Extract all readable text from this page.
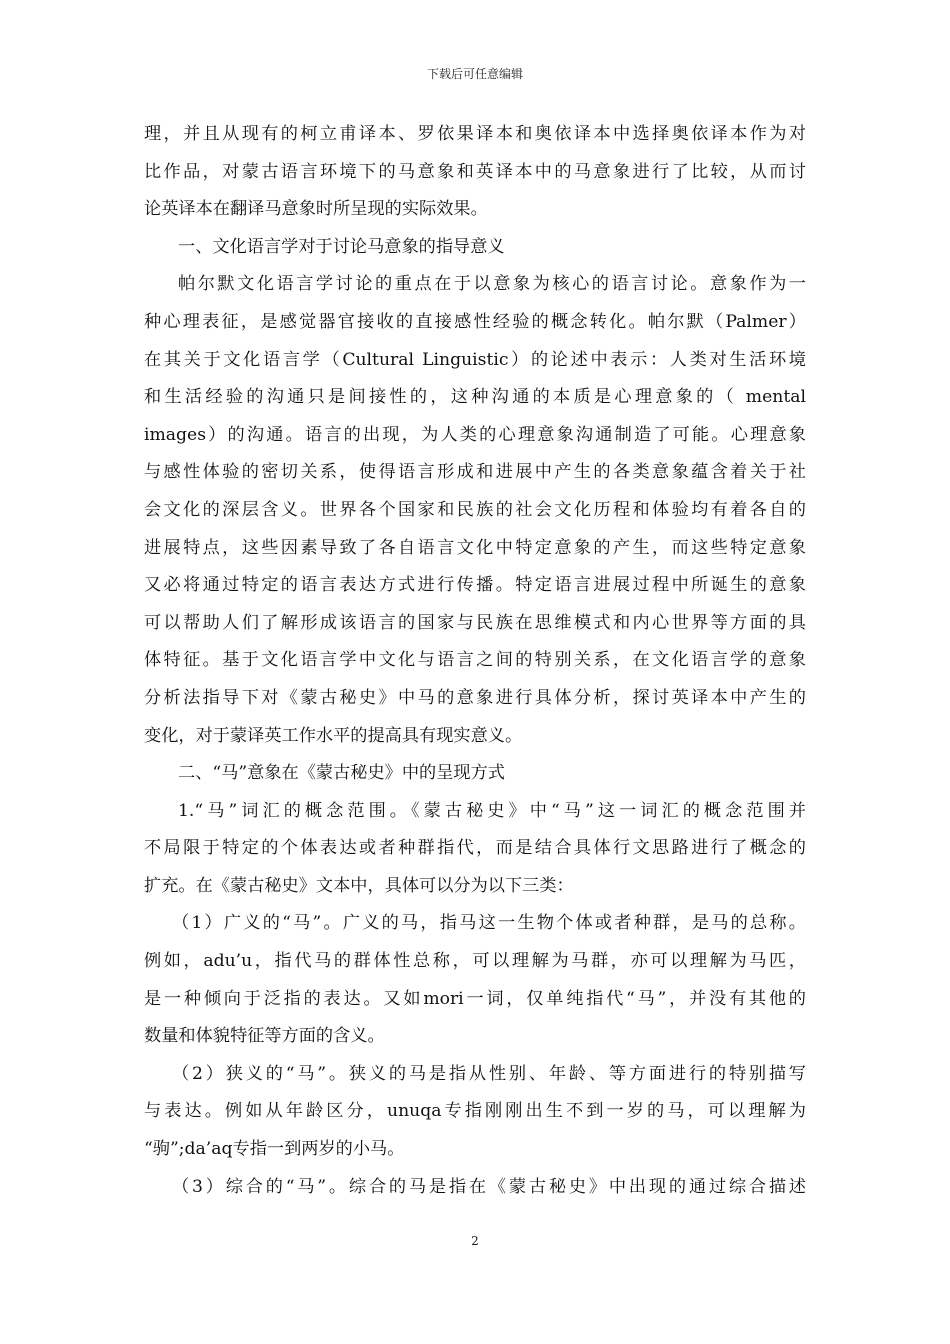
下载后可任意编辑
理，并且从现有的柯立甫译本、罗依果译本和奥依译本中选择奥依译本作为对
比作品，对蒙古语言环境下的马意象和英译本中的马意象进行了比较，从而讨
论英译本在翻译马意象时所呈现的实际效果。
一、文化语言学对于讨论马意象的指导意义
帕尔默文化语言学讨论的重点在于以意象为核心的语言讨论。意象作为一
种心理表征，是感觉器官接收的直接感性经验的概念转化。帕尔默（Palmer）
在其关于文化语言学（Cultural Linguistic）的论述中表示：人类对生活环境
和生活经验的沟通只是间接性的，这种沟通的本质是心理意象的（ mental
images）的沟通。语言的出现，为人类的心理意象沟通制造了可能。心理意象
与感性体验的密切关系，使得语言形成和进展中产生的各类意象蕴含着关于社
会文化的深层含义。世界各个国家和民族的社会文化历程和体验均有着各自的
进展特点，这些因素导致了各自语言文化中特定意象的产生，而这些特定意象
又必将通过特定的语言表达方式进行传播。特定语言进展过程中所诞生的意象
可以帮助人们了解形成该语言的国家与民族在思维模式和内心世界等方面的具
体特征。基于文化语言学中文化与语言之间的特别关系，在文化语言学的意象
分析法指导下对《蒙古秘史》中马的意象进行具体分析，探讨英译本中产生的
变化，对于蒙译英工作水平的提高具有现实意义。
二、“马”意象在《蒙古秘史》中的呈现方式
1.“马”词汇的概念范围。《蒙古秘史》中“马”这一词汇的概念范围并
不局限于特定的个体表达或者种群指代，而是结合具体行文思路进行了概念的
扩充。在《蒙古秘史》文本中，具体可以分为以下三类：
（1）广义的“马”。广义的马，指马这一生物个体或者种群，是马的总称。
例如，adu’u，指代马的群体性总称，可以理解为马群，亦可以理解为马匹，
是一种倾向于泛指的表达。又如mori一词，仅单纯指代“马”，并没有其他的
数量和体貌特征等方面的含义。
（2）狭义的“马”。狭义的马是指从性别、年龄、等方面进行的特别描写
与表达。例如从年龄区分，unuqa专指刚刚出生不到一岁的马，可以理解为
“驹”;da’aq专指一到两岁的小马。
（3）综合的“马”。综合的马是指在《蒙古秘史》中出现的通过综合描述
2
